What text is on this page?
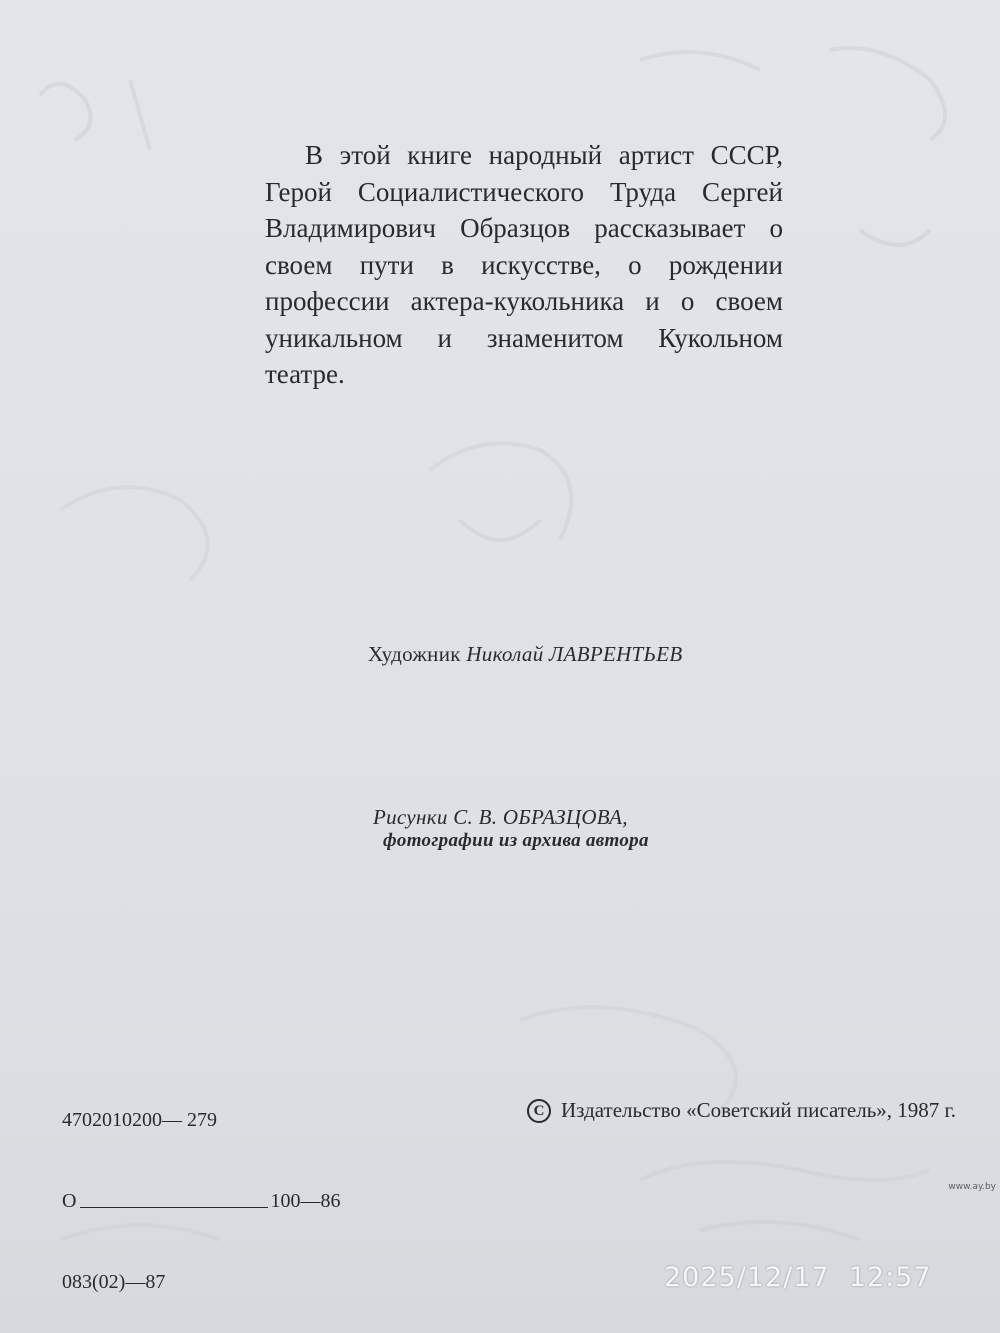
В этой книге народный артист СССР, Герой Социалистического Труда Сергей Владимирович Образцов рассказывает о своем пути в искусстве, о рождении профессии актера-кукольника и о своем уникальном и знаменитом Кукольном театре.

Художник Николай ЛАВРЕНТЬЕВ
Рисунки С. В. ОБРАЗЦОВА,
фотографии из архива автора

4702010200— 279

О	100—86

083(02)—87

C Издательство «Советский писатель», 1987 г.
www.ay.by
2025/12/17  12:57
